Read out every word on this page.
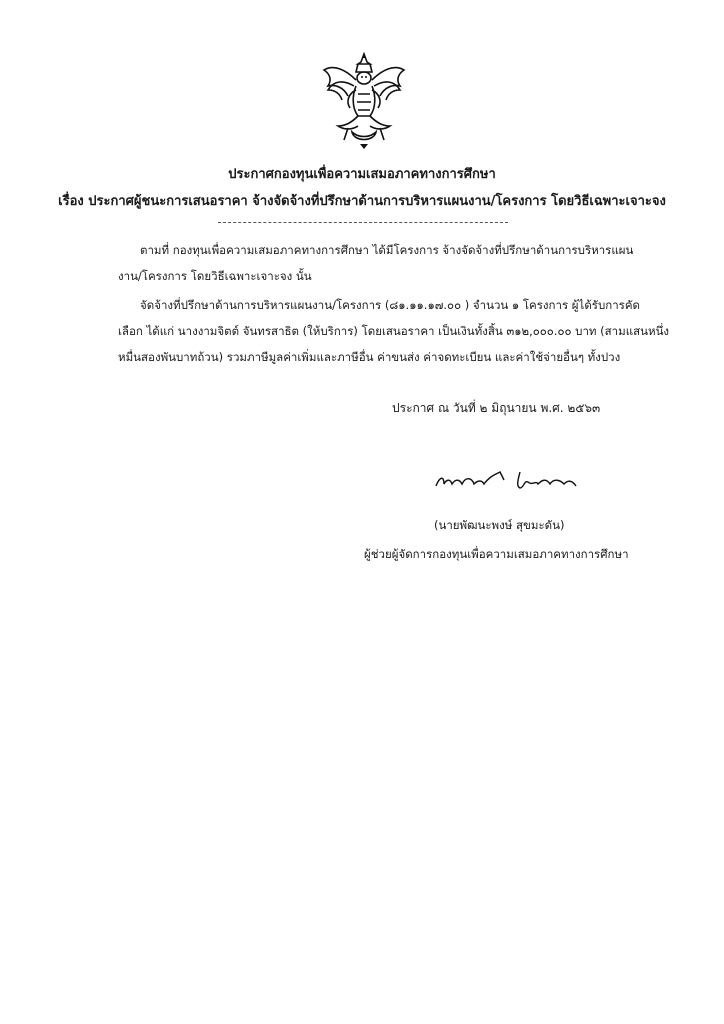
ประกาศกองทุนเพื่อความเสมอภาคทางการศึกษา
เรื่อง ประกาศผู้ชนะการเสนอราคา จ้างจัดจ้างที่ปรึกษาด้านการบริหารแผนงาน/โครงการ โดยวิธีเฉพาะเจาะจง
ตามที่ กองทุนเพื่อความเสมอภาคทางการศึกษา ได้มีโครงการ จ้างจัดจ้างที่ปรึกษาด้านการบริหารแผน
งาน/โครงการ โดยวิธีเฉพาะเจาะจง นั้น
จัดจ้างที่ปรึกษาด้านการบริหารแผนงาน/โครงการ (๘๑.๑๑.๑๗.๐๐ ) จำนวน ๑ โครงการ ผู้ได้รับการคัด
เลือก ได้แก่ นางงามจิตต์ จันทรสาธิต (ให้บริการ) โดยเสนอราคา เป็นเงินทั้งสิ้น ๓๑๒,๐๐๐.๐๐ บาท (สามแสนหนึ่ง
หมื่นสองพันบาทถ้วน) รวมภาษีมูลค่าเพิ่มและภาษีอื่น ค่าขนส่ง ค่าจดทะเบียน และค่าใช้จ่ายอื่นๆ ทั้งปวง
ประกาศ ณ วันที่ ๒ มิถุนายน พ.ศ. ๒๕๖๓
(นายพัฒนะพงษ์ สุขมะดัน)
ผู้ช่วยผู้จัดการกองทุนเพื่อความเสมอภาคทางการศึกษา
